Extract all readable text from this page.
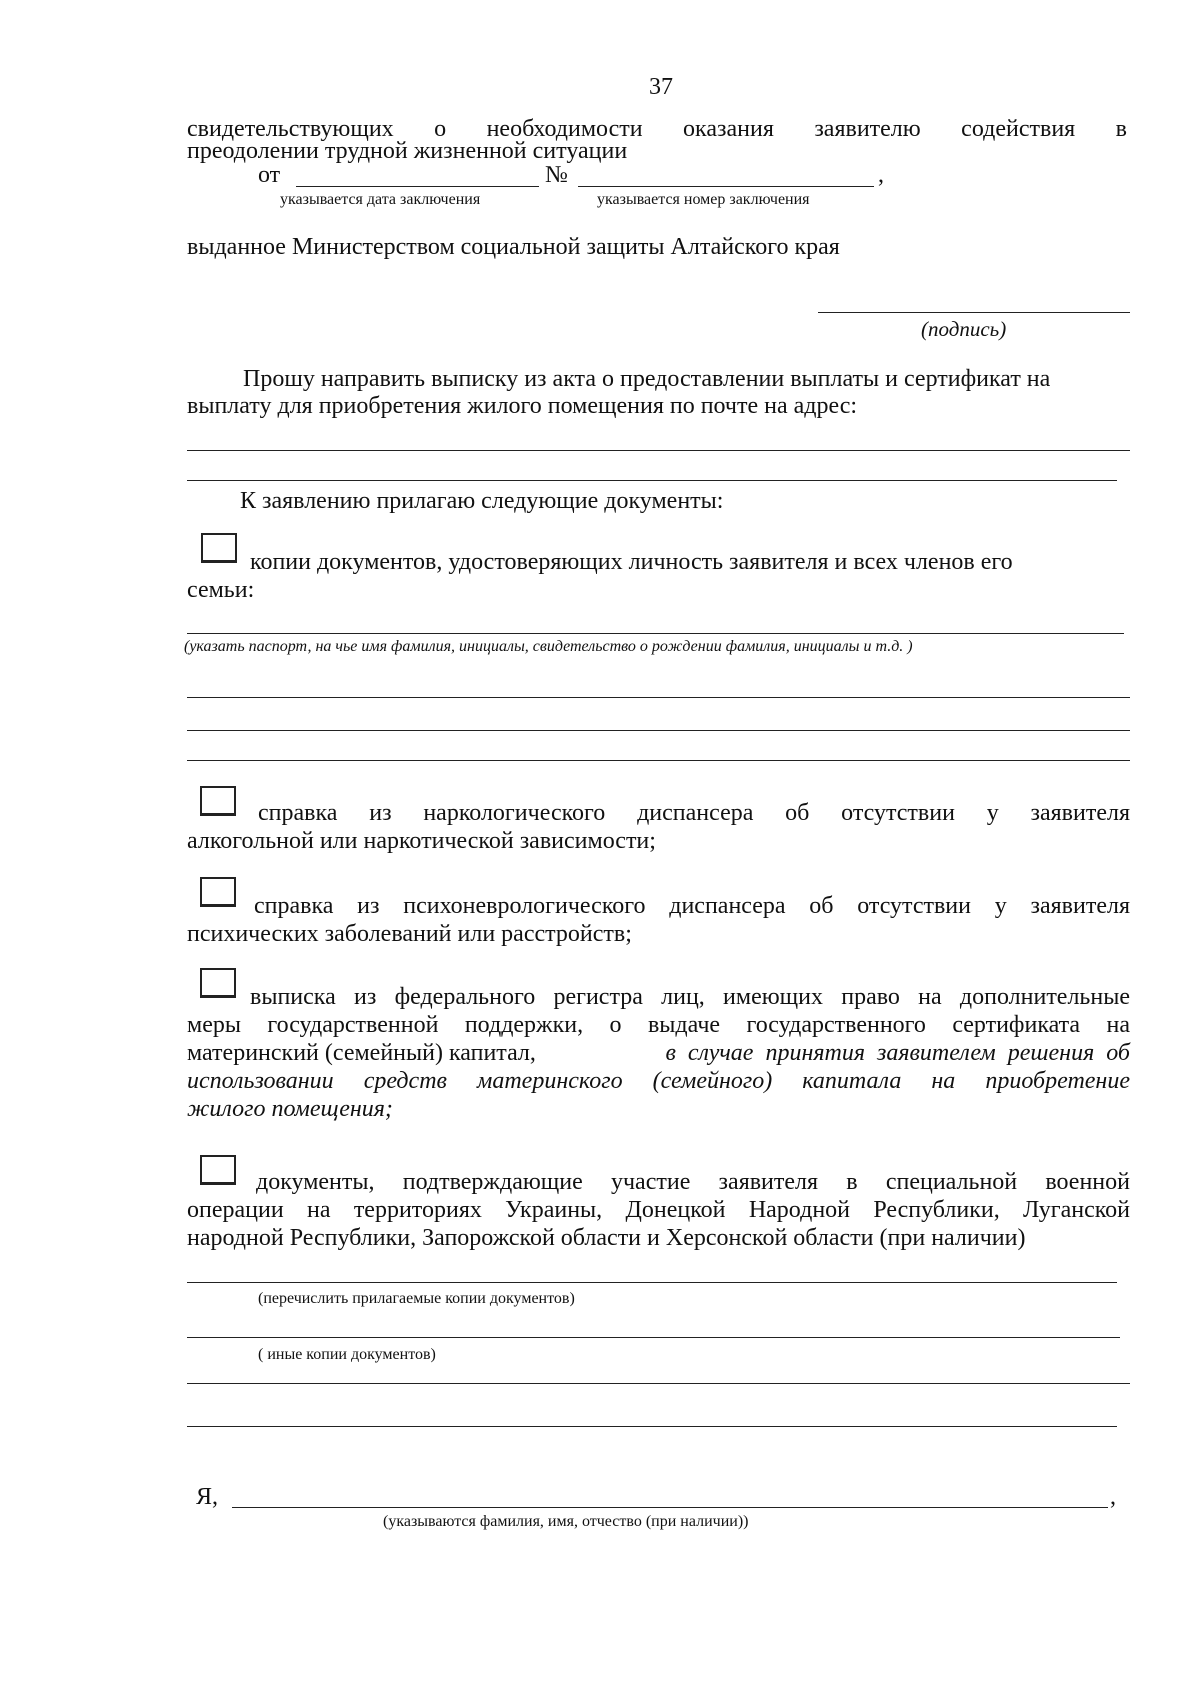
37
свидетельствующих о необходимости оказания заявителю содействия в
преодолении трудной жизненной ситуации
от	№	,
указывается дата заключения	указывается номер заключения
выданное Министерством социальной защиты Алтайского края
(подпись)
Прошу направить выписку из акта о предоставлении выплаты и сертификат на
выплату для приобретения жилого помещения по почте на адрес:
К заявлению прилагаю следующие документы:
копии документов, удостоверяющих личность заявителя и всех членов его
семьи:
(указать паспорт, на чье имя фамилия, инициалы, свидетельство о рождении фамилия, инициалы и т.д. )
справка из наркологического диспансера об отсутствии у заявителя
алкогольной или наркотической зависимости;
справка из психоневрологического диспансера об отсутствии у заявителя
психических заболеваний или расстройств;
выписка из федерального регистра лиц, имеющих право на дополнительные
меры государственной поддержки, о выдаче государственного сертификата на
материнский (семейный) капитал,	в случае принятия заявителем решения об
использовании средств материнского (семейного) капитала на приобретение
жилого помещения;
документы, подтверждающие участие заявителя в специальной военной
операции на территориях Украины, Донецкой Народной Республики, Луганской
народной Республики, Запорожской области и Херсонской области (при наличии)
(перечислить прилагаемые копии документов)
( иные копии документов)
Я,	,
(указываются фамилия, имя, отчество (при наличии))
